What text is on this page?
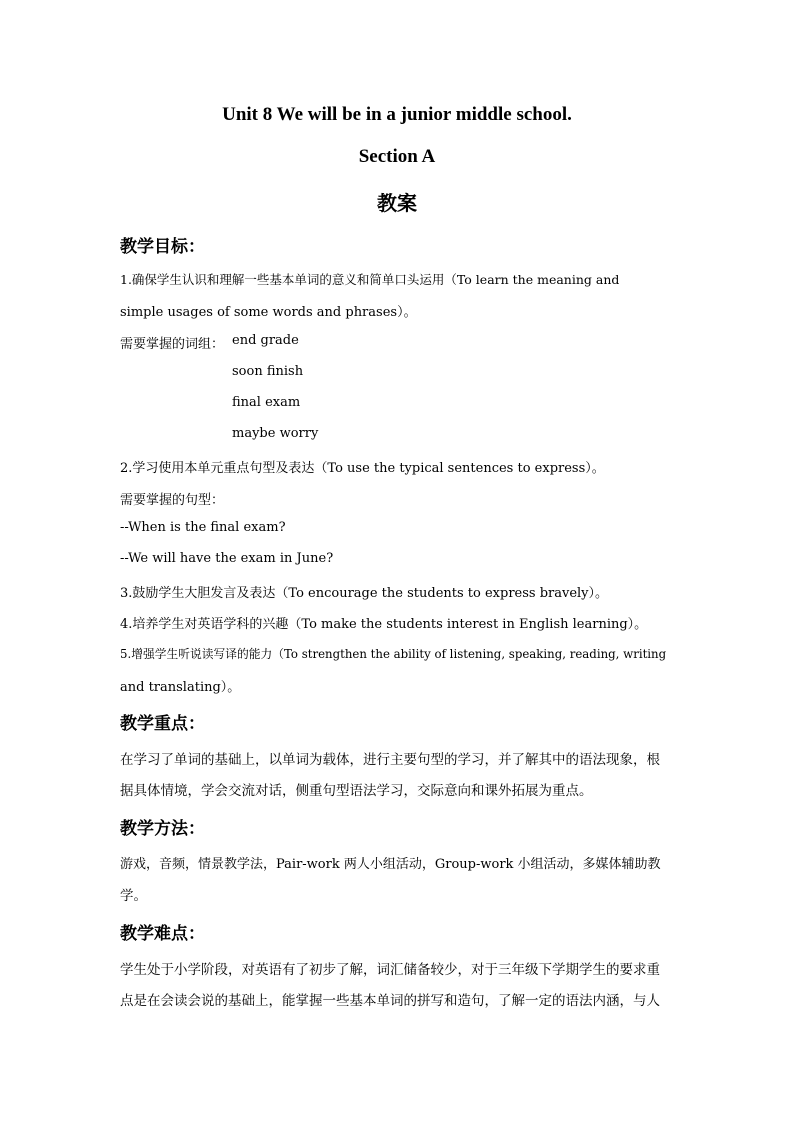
Unit 8 We will be in a junior middle school.
Section A
教案
教学目标：
1.确保学生认识和理解一些基本单词的意义和简单口头运用（To learn the meaning and
simple usages of some words and phrases）。
需要掌握的词组： end grade
soon finish
final exam
maybe worry
2.学习使用本单元重点句型及表达（To use the typical sentences to express）。
需要掌握的句型：
--When is the final exam?
--We will have the exam in June?
3.鼓励学生大胆发言及表达（To encourage the students to express bravely）。
4.培养学生对英语学科的兴趣（To make the students interest in English learning）。
5.增强学生听说读写译的能力（To strengthen the ability of listening, speaking, reading, writing
and translating）。
教学重点：
在学习了单词的基础上，以单词为载体，进行主要句型的学习，并了解其中的语法现象，根
据具体情境，学会交流对话，侧重句型语法学习，交际意向和课外拓展为重点。
教学方法：
游戏，音频，情景教学法，Pair-work 两人小组活动，Group-work 小组活动，多媒体辅助教
学。
教学难点：
学生处于小学阶段，对英语有了初步了解，词汇储备较少，对于三年级下学期学生的要求重
点是在会读会说的基础上，能掌握一些基本单词的拼写和造句，了解一定的语法内涵，与人
